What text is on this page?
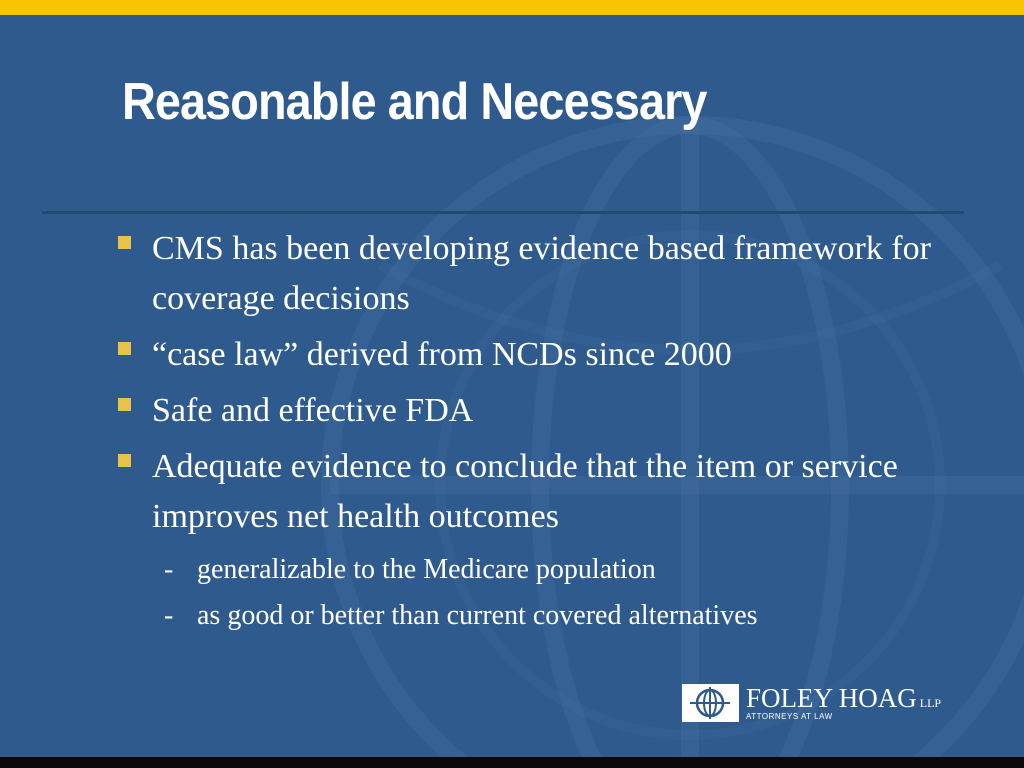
Reasonable and Necessary
CMS has been developing evidence based framework for coverage decisions
“case law” derived from NCDs since 2000
Safe and effective FDA
Adequate evidence to conclude that the item or service improves net health outcomes
- generalizable to the Medicare population
- as good or better than current covered alternatives
FOLEY HOAG LLP
ATTORNEYS AT LAW
